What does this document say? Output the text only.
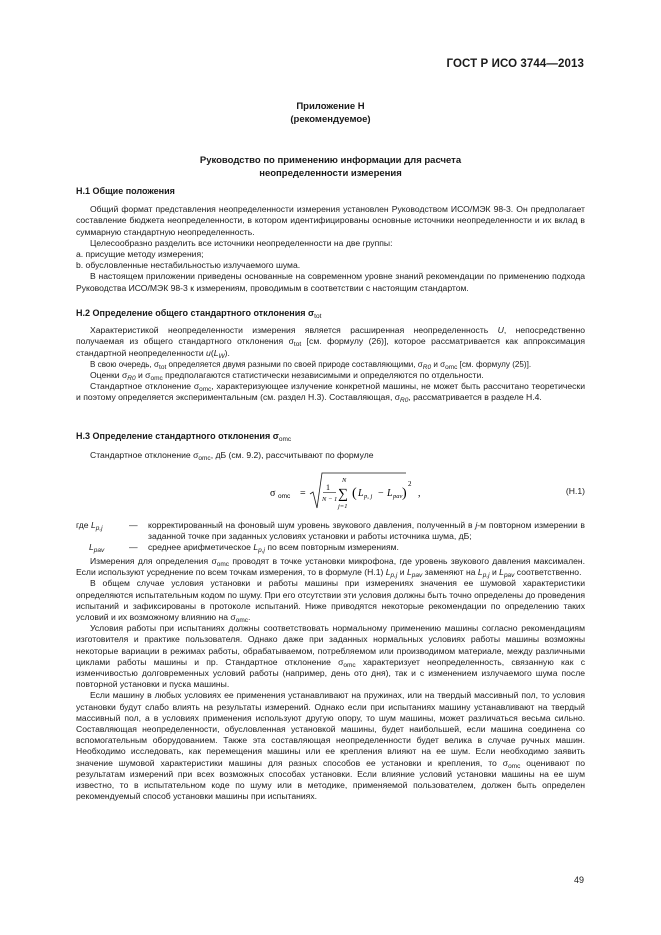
ГОСТ Р ИСО 3744—2013
Приложение Н
(рекомендуемое)
Руководство по применению информации для расчета
неопределенности измерения

Н.1 Общие положения

Общий формат представления неопределенности измерения установлен Руководством ИСО/МЭК 98-3. Он предполагает составление бюджета неопределенности, в котором идентифицированы основные источники неопределенности и их вклад в суммарную стандартную неопределенность.

Целесообразно разделить все источники неопределенности на две группы:

а. присущие методу измерения;

b. обусловленные нестабильностью излучаемого шума.

В настоящем приложении приведены основанные на современном уровне знаний рекомендации по применению подхода Руководства ИСО/МЭК 98-3 к измерениям, проводимым в соответствии с настоящим стандартом.

Н.2 Определение общего стандартного отклонения $\sigma_{tot}$

Характеристикой неопределенности измерения является расширенная неопределенность U, непосредственно получаемая из общего стандартного отклонения $\sigma_{tot}$ [см. формулу (26)], которое рассматривается как аппроксимация стандартной неопределенности $u(L_W)$.

В свою очередь, $\sigma_{tot}$ определяется двумя разными по своей природе составляющими, $\sigma_{R0}$ и $\sigma_{omc}$ [см. формулу (25)].

Оценки $\sigma_{R0}$ и $\sigma_{omc}$ предполагаются статистически независимыми и определяются по отдельности.

Стандартное отклонение $\sigma_{omc}$, характеризующее излучение конкретной машины, не может быть рассчитано теоретически и поэтому определяется экспериментальным (см. раздел Н.3). Составляющая, $\sigma_{R0}$, рассматривается в разделе Н.4.

Н.3 Определение стандартного отклонения $\sigma_{omc}$

Стандартное отклонение $\sigma_{omc}$, дБ (см. 9.2), рассчитывают по формуле

σ omc =
1
N − 1
N
∑
j=1
( L p, j − L pav )
2
,	(Н.1)
где $L_{p,j}$	— корректированный на фоновый шум уровень звукового давления, полученный в j-м повторном измерении в заданной точке при заданных условиях установки и работы источника шума, дБ;
$L_{pav}$	— среднее арифметическое $L_{p,j}$ по всем повторным измерениям.

Измерения для определения $\sigma_{omc}$ проводят в точке установки микрофона, где уровень звукового давления максимален. Если используют усреднение по всем точкам измерения, то в формуле (Н.1) $L_{p,j}$ и $L_{pav}$ заменяют на $L_{p,j}$ и $L_{pav}$ соответственно.

В общем случае условия установки и работы машины при измерениях значения ее шумовой характеристики определяются испытательным кодом по шуму. При его отсутствии эти условия должны быть точно определены до проведения испытаний и зафиксированы в протоколе испытаний. Ниже приводятся некоторые рекомендации по определению таких условий и их возможному влиянию на $\sigma_{omc}$.

Условия работы при испытаниях должны соответствовать нормальному применению машины согласно рекомендациям изготовителя и практике пользователя. Однако даже при заданных нормальных условиях работы машины возможны некоторые вариации в режимах работы, обрабатываемом, потребляемом или производимом материале, между различными циклами работы машины и пр. Стандартное отклонение $\sigma_{omc}$ характеризует неопределенность, связанную как с изменчивостью долговременных условий работы (например, день ото дня), так и с изменением излучаемого шума после повторной установки и пуска машины.

Если машину в любых условиях ее применения устанавливают на пружинах, или на твердый массивный пол, то условия установки будут слабо влиять на результаты измерений. Однако если при испытаниях машину устанавливают на твердый массивный пол, а в условиях применения используют другую опору, то шум машины, может различаться весьма сильно. Составляющая неопределенности, обусловленная установкой машины, будет наибольшей, если машина соединена со вспомогательным оборудованием. Также эта составляющая неопределенности будет велика в случае ручных машин. Необходимо исследовать, как перемещения машины или ее крепления влияют на ее шум. Если необходимо заявить значение шумовой характеристики машины для разных способов ее установки и крепления, то $\sigma_{omc}$ оценивают по результатам измерений при всех возможных способах установки. Если влияние условий установки машины на ее шум известно, то в испытательном коде по шуму или в методике, применяемой пользователем, должен быть определен рекомендуемый способ установки машины при испытаниях.

49
